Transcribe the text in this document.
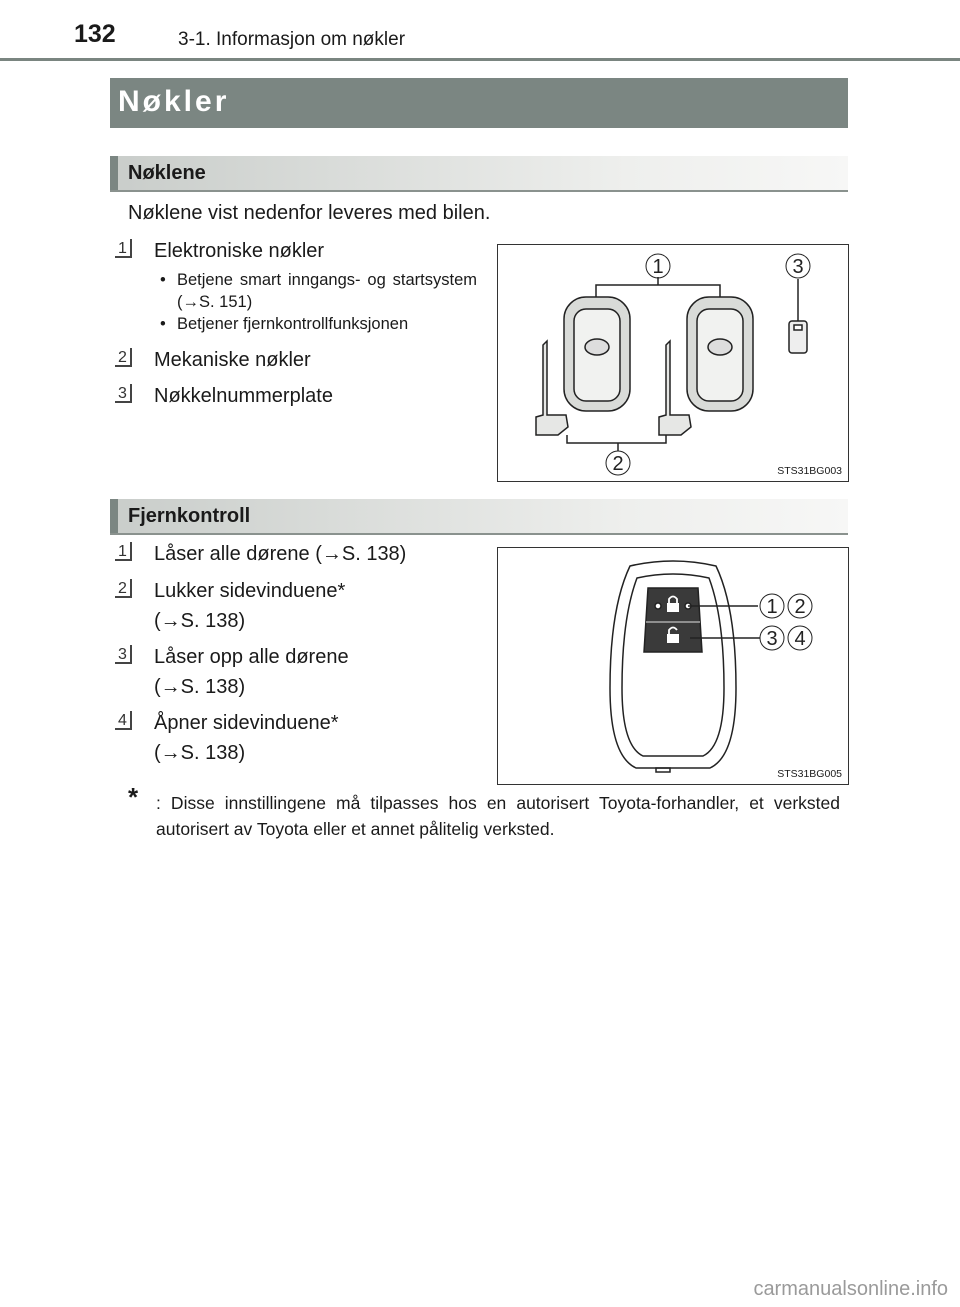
132	3-1. Informasjon om nøkler
Nøkler
Nøklene
Nøklene vist nedenfor leveres med bilen.
1 Elektroniske nøkler
• Betjene smart inngangs- og startsystem (→S. 151)
• Betjener fjernkontrollfunksjonen
2 Mekaniske nøkler
3 Nøkkelnummerplate
1
2
3
STS31BG003
Fjernkontroll
1 Låser alle dørene (→S. 138)
2 Lukker sidevinduene*
(→S. 138)
3 Låser opp alle dørene
(→S. 138)
4 Åpner sidevinduene*
(→S. 138)
1 2
3 4
STS31BG005
*	: Disse innstillingene må tilpasses hos en autorisert Toyota-forhandler, et verksted autorisert av Toyota eller et annet pålitelig verksted.
carmanualsonline.info
